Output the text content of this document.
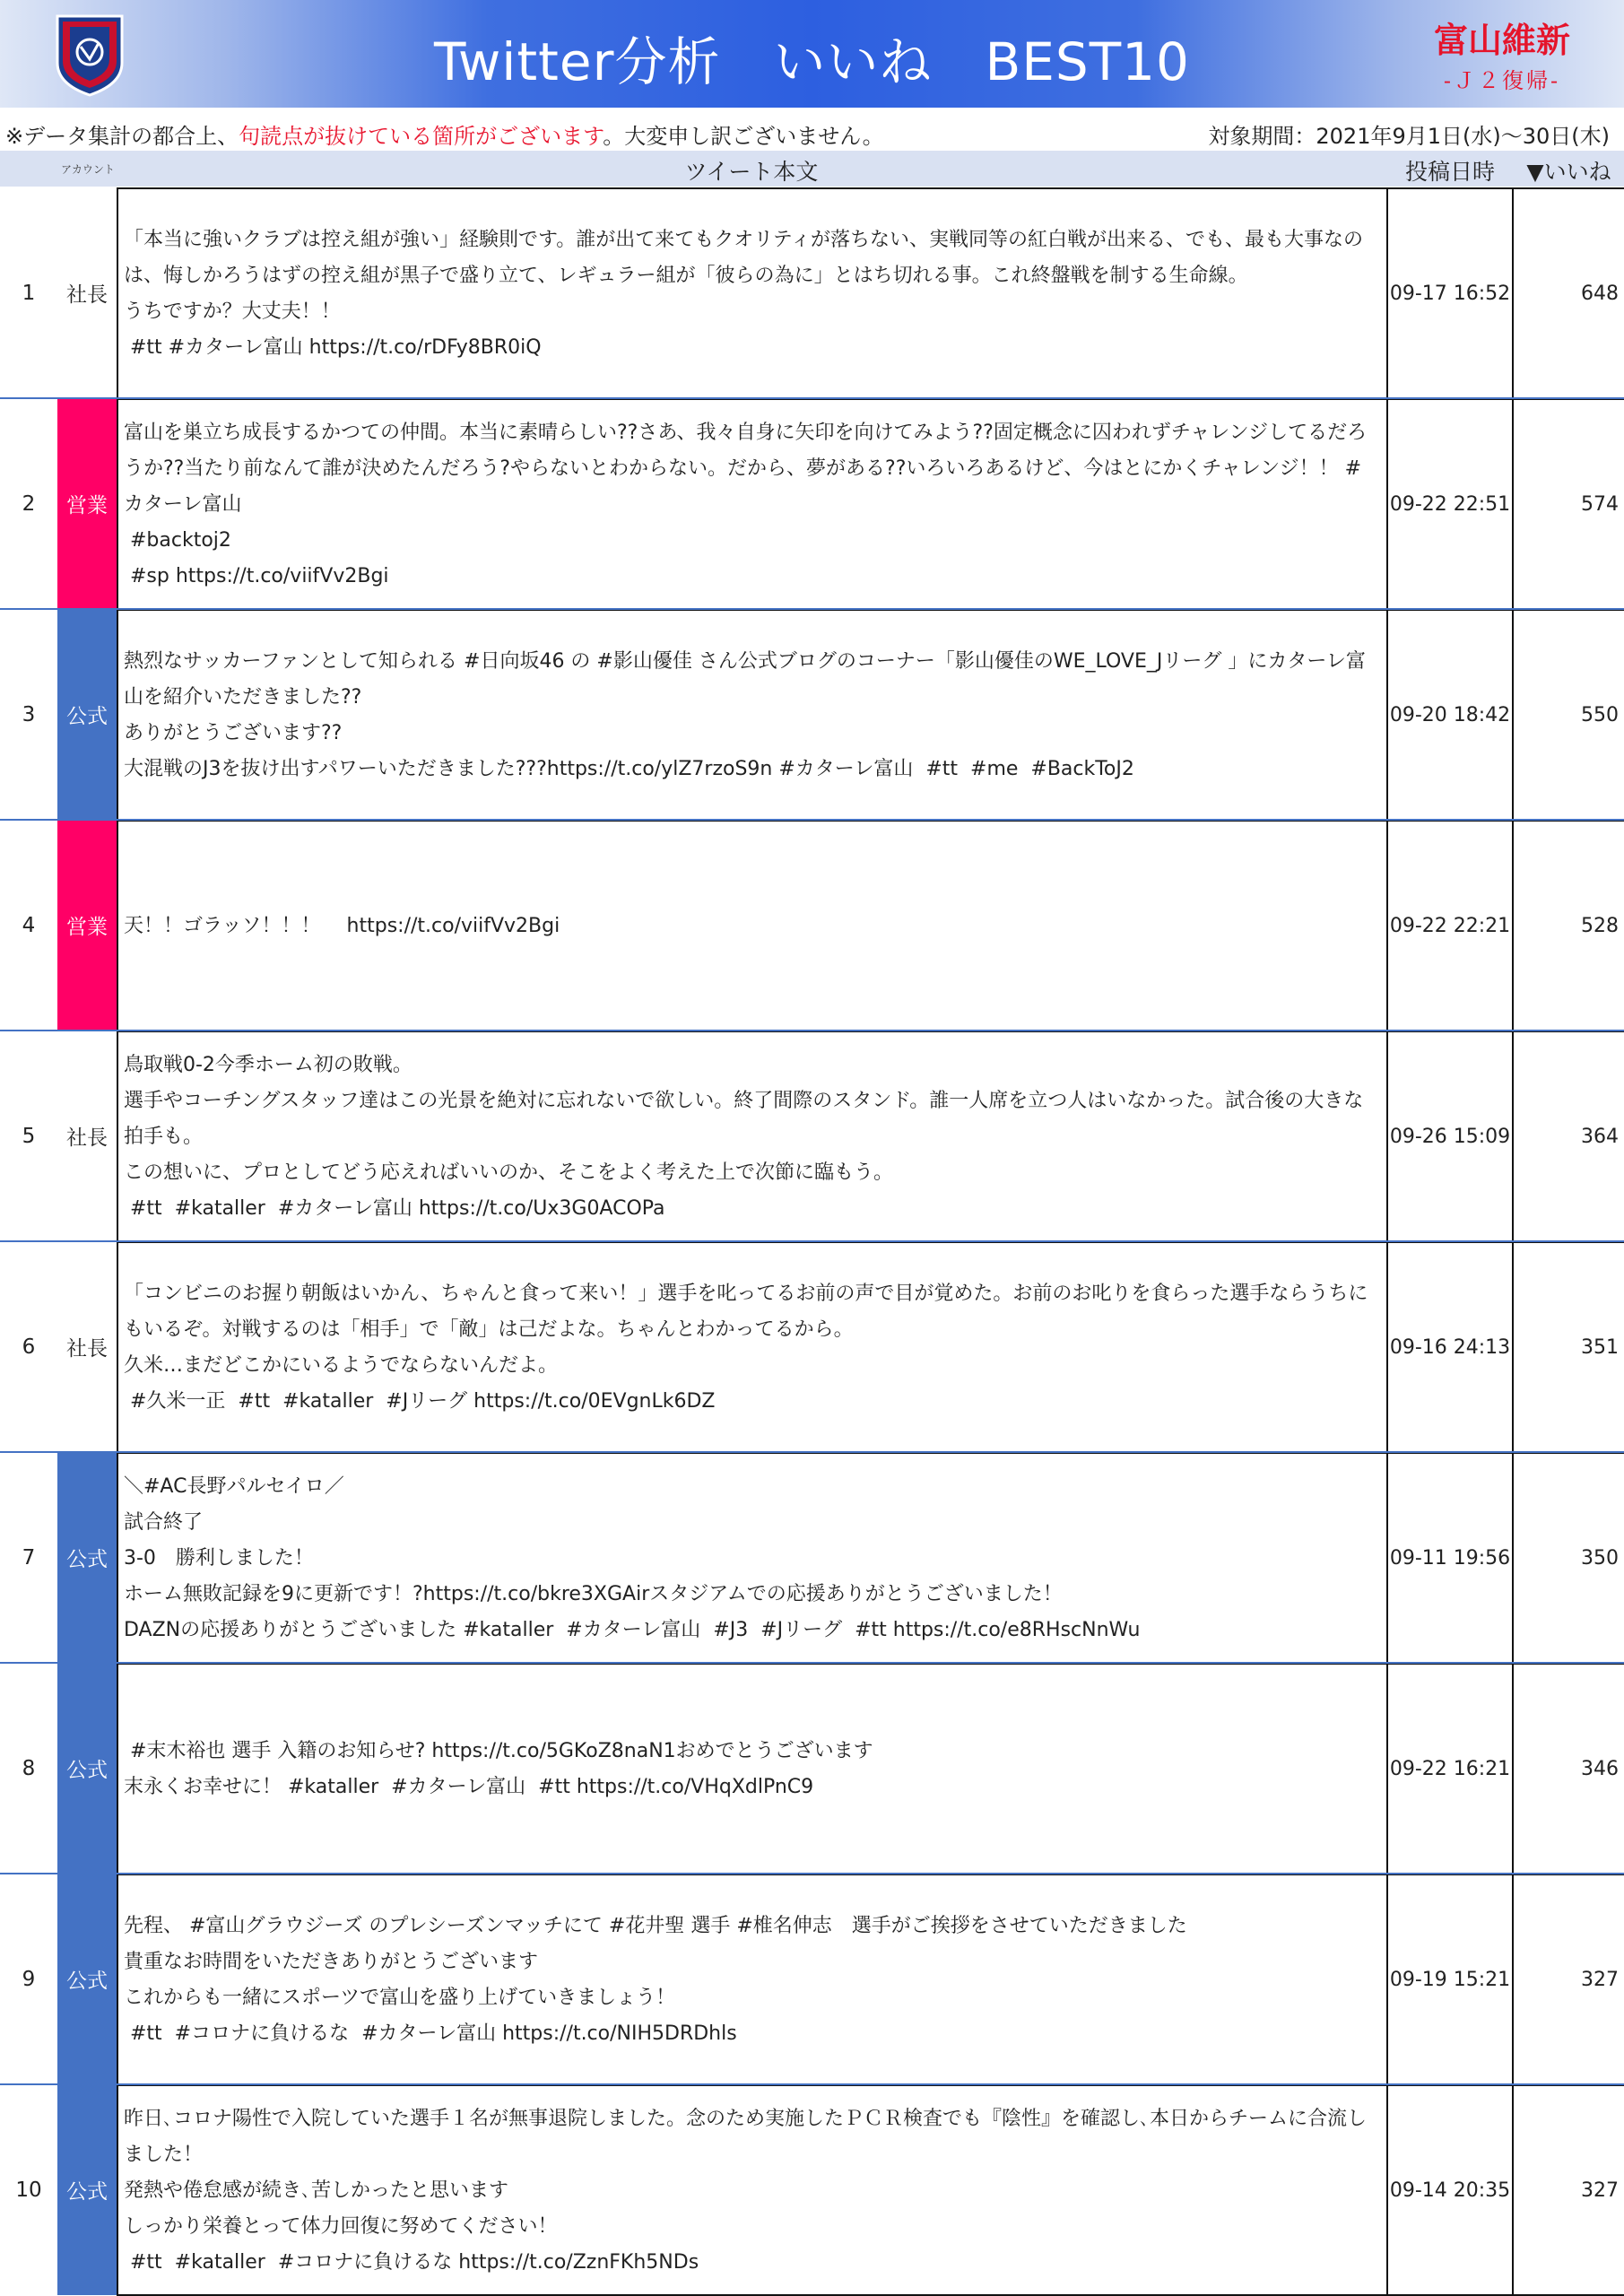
Twitter分析　いいね　BEST10	富山維新
-Ｊ２復帰-
※データ集計の都合上、句読点が抜けている箇所がございます。大変申し訳ございません。	対象期間：2021年9月1日(水)～30日(木)
アカウント	ツイート本文	投稿日時	▼いいね
1	社長
「本当に強いクラブは控え組が強い」経験則です。誰が出て来てもクオリティが落ちない、実戦同等の紅白戦が出来る、でも、最も大事なのは、悔しかろうはずの控え組が黒子で盛り立て、レギュラー組が「彼らの為に」とはち切れる事。これ終盤戦を制する生命線。
うちですか？大丈夫！！
#tt #カターレ富山 https://t.co/rDFy8BR0iQ
09-17 16:52	648
2	営業
富山を巣立ち成長するかつての仲間。本当に素晴らしい??さあ、我々自身に矢印を向けてみよう??固定概念に囚われずチャレンジしてるだろうか??当たり前なんて誰が決めたんだろう?やらないとわからない。だから、夢がある??いろいろあるけど、今はとにかくチャレンジ！！ #カターレ富山
#backtoj2
#sp https://t.co/viifVv2Bgi
09-22 22:51	574
3	公式
熱烈なサッカーファンとして知られる #日向坂46 の #影山優佳 さん公式ブログのコーナー「影山優佳のWE_LOVE_Jリーグ 」にカターレ富山を紹介いただきました??
ありがとうございます??
大混戦のJ3を抜け出すパワーいただきました???https://t.co/ylZ7rzoS9n #カターレ富山  #tt  #me  #BackToJ2
09-20 18:42	550
4	営業 天！！ゴラッソ！！！　 https://t.co/viifVv2Bgi	09-22 22:21	528
5	社長
鳥取戦0-2今季ホーム初の敗戦。
選手やコーチングスタッフ達はこの光景を絶対に忘れないで欲しい。終了間際のスタンド。誰一人席を立つ人はいなかった。試合後の大きな拍手も。
この想いに、プロとしてどう応えればいいのか、そこをよく考えた上で次節に臨もう。
#tt  #kataller  #カターレ富山 https://t.co/Ux3G0ACOPa
09-26 15:09	364
6	社長
「コンビニのお握り朝飯はいかん、ちゃんと食って来い！」選手を叱ってるお前の声で目が覚めた。お前のお叱りを食らった選手ならうちにもいるぞ。対戦するのは「相手」で「敵」は己だよな。ちゃんとわかってるから。
久米…まだどこかにいるようでならないんだよ。
#久米一正  #tt  #kataller  #Jリーグ https://t.co/0EVgnLk6DZ
09-16 24:13	351
7	公式
＼#AC長野パルセイロ／
試合終了
3-0　勝利しました！
ホーム無敗記録を9に更新です！?https://t.co/bkre3XGAirスタジアムでの応援ありがとうございました！
DAZNの応援ありがとうございました #kataller  #カターレ富山  #J3  #Jリーグ  #tt https://t.co/e8RHscNnWu
09-11 19:56	350
8	公式
#末木裕也 選手 入籍のお知らせ? https://t.co/5GKoZ8naN1おめでとうございます
末永くお幸せに！ #kataller  #カターレ富山  #tt https://t.co/VHqXdlPnC9
09-22 16:21	346
9	公式
先程、 #富山グラウジーズ のプレシーズンマッチにて #花井聖 選手 #椎名伸志　選手がご挨拶をさせていただきました
貴重なお時間をいただきありがとうございます
これからも一緒にスポーツで富山を盛り上げていきましょう！
#tt  #コロナに負けるな  #カターレ富山 https://t.co/NIH5DRDhls
09-19 15:21	327
10	公式
昨日､コロナ陽性で入院していた選手１名が無事退院しました。念のため実施したＰＣＲ検査でも『陰性』を確認し､本日からチームに合流しました！
発熱や倦怠感が続き､苦しかったと思います
しっかり栄養とって体力回復に努めてください！
#tt  #kataller  #コロナに負けるな https://t.co/ZznFKh5NDs
09-14 20:35	327
